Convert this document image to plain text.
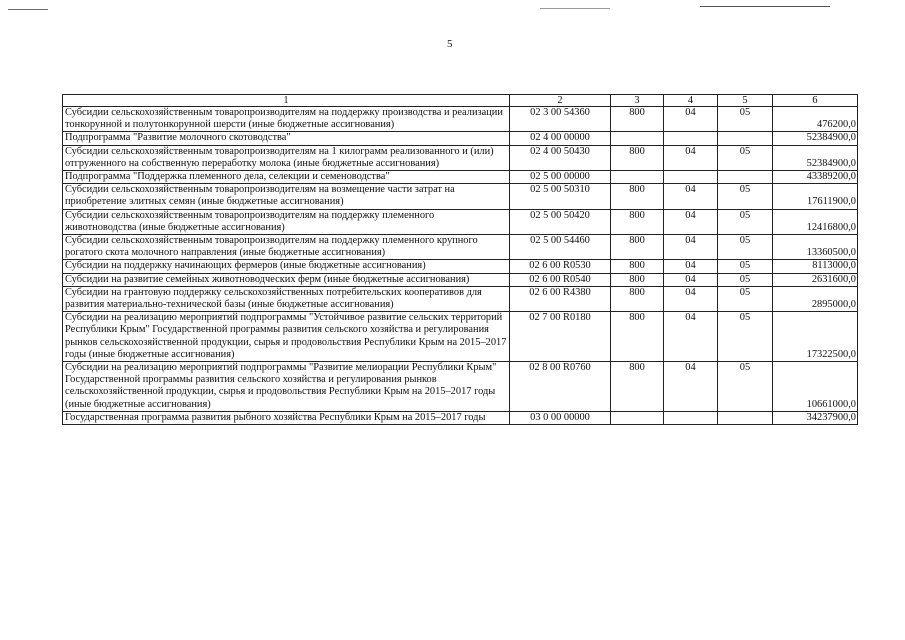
5
1	2	3	4	5	6
Субсидии сельскохозяйственным товаропроизводителям на поддержку производства и реализации тонкорунной и полутонкорунной шерсти (иные бюджетные ассигнования)	02 3 00 54360	800	04	05	476200,0
Подпрограмма "Развитие молочного скотоводства"	02 4 00 00000				52384900,0
Субсидии сельскохозяйственным товаропроизводителям на 1 килограмм реализованного и (или) отгруженного на собственную переработку молока (иные бюджетные ассигнования)	02 4 00 50430	800	04	05	52384900,0
Подпрограмма "Поддержка племенного дела, селекции и семеноводства"	02 5 00 00000				43389200,0
Субсидии сельскохозяйственным товаропроизводителям на возмещение части затрат на приобретение элитных семян (иные бюджетные ассигнования)	02 5 00 50310	800	04	05	17611900,0
Субсидии сельскохозяйственным товаропроизводителям на поддержку племенного животноводства (иные бюджетные ассигнования)	02 5 00 50420	800	04	05	12416800,0
Субсидии сельскохозяйственным товаропроизводителям на поддержку племенного крупного рогатого скота молочного направления (иные бюджетные ассигнования)	02 5 00 54460	800	04	05	13360500,0
Субсидии на поддержку начинающих фермеров (иные бюджетные ассигнования)	02 6 00 R0530	800	04	05	8113000,0
Субсидии на развитие семейных животноводческих ферм (иные бюджетные ассигнования)	02 6 00 R0540	800	04	05	2631600,0
Субсидии на грантовую поддержку сельскохозяйственных потребительских кооперативов для развития материально-технической базы (иные бюджетные ассигнования)	02 6 00 R4380	800	04	05	2895000,0
Субсидии на реализацию мероприятий подпрограммы "Устойчивое развитие сельских территорий Республики Крым" Государственной программы развития сельского хозяйства и регулирования рынков сельскохозяйственной продукции, сырья и продовольствия Республики Крым на 2015–2017 годы (иные бюджетные ассигнования)	02 7 00 R0180	800	04	05	17322500,0
Субсидии на реализацию мероприятий подпрограммы "Развитие мелиорации Республики Крым" Государственной программы развития сельского хозяйства и регулирования рынков сельскохозяйственной продукции, сырья и продовольствия Республики Крым на 2015–2017 годы (иные бюджетные ассигнования)	02 8 00 R0760	800	04	05	10661000,0
Государственная программа развития рыбного хозяйства Республики Крым на 2015–2017 годы	03 0 00 00000				34237900,0
